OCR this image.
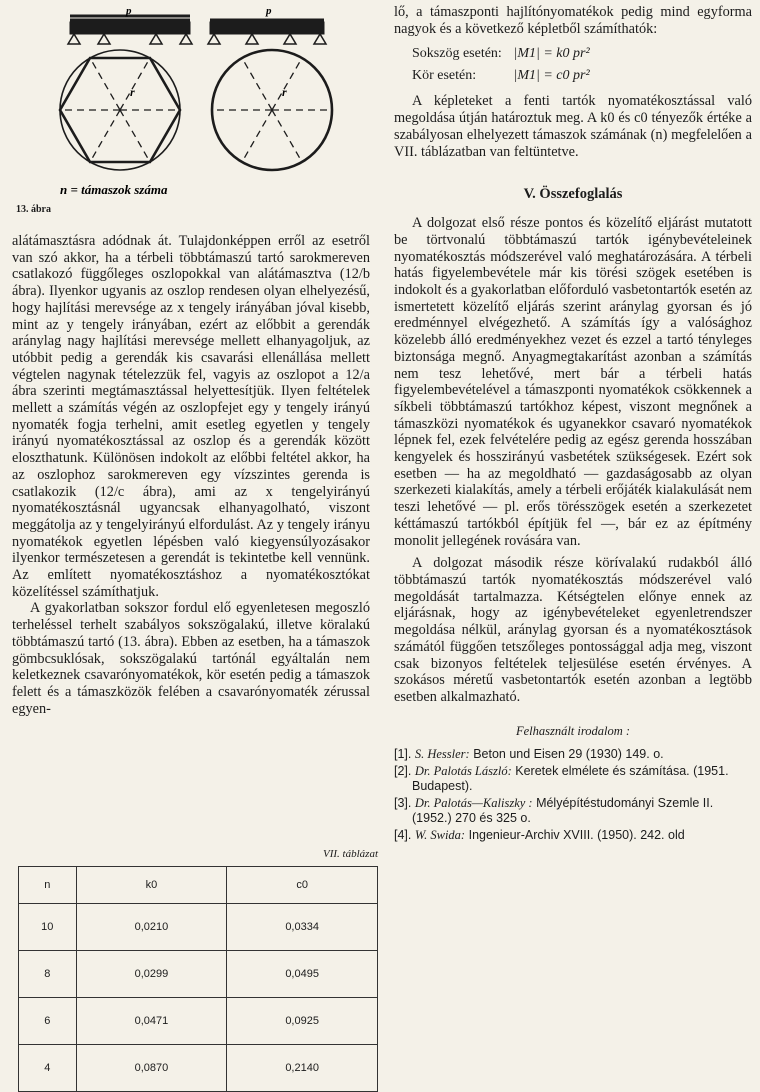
p	p
r	r
n = támaszok száma
13. ábra

alátámasztásra adódnak át. Tulajdonképpen erről az esetről van szó akkor, ha a térbeli többtámaszú tartó sarokmereven csatlakozó függőleges oszlopokkal van alátámasztva (12/b ábra). Ilyenkor ugyanis az oszlop rendesen olyan elhelyezésű, hogy hajlítási merevsége az x tengely irányában jóval kisebb, mint az y tengely irányában, ezért az előbbit a gerendák aránylag nagy hajlítási merevsége mellett elhanyagoljuk, az utóbbit pedig a gerendák kis csavarási ellenállása mellett végtelen nagynak tételezzük fel, vagyis az oszlopot a 12/a ábra szerinti megtámasztással helyettesítjük. Ilyen feltételek mellett a számítás végén az oszlopfejet egy y tengely irányú nyomaték fogja terhelni, amit esetleg egyetlen y tengely irányú nyomatékosztással az oszlop és a gerendák között eloszthatunk. Különösen indokolt az előbbi feltétel akkor, ha az oszlophoz sarokmereven egy vízszintes gerenda is csatlakozik (12/c ábra), ami az x tengelyirányú nyomatékosztásnál ugyancsak elhanyagolható, viszont meggátolja az y tengelyirányú elfordulást. Az y tengely irányu nyomatékok egyetlen lépésben való kiegyensúlyozásakor ilyenkor természetesen a gerendát is tekintetbe kell vennünk. Az említett nyomatékosztáshoz a nyomatékosztókat közelítéssel számíthatjuk.

A gyakorlatban sokszor fordul elő egyenletesen megoszló terheléssel terhelt szabályos sokszögalakú, illetve köralakú többtámaszú tartó (13. ábra). Ebben az esetben, ha a támaszok gömbcsuklósak, sokszögalakú tartónál egyáltalán nem keletkeznek csavarónyomatékok, kör esetén pedig a támaszok felett és a támaszközök felében a csavarónyomaték zérussal egyen-

VII. táblázat
n	k0	c0
10	0,0210	0,0334
8	0,0299	0,0495
6	0,0471	0,0925
4	0,0870	0,2140

lő, a támaszponti hajlítónyomatékok pedig mind egyforma nagyok és a következő képletből számíthatók:

Sokszög esetén: |M1| = k0 pr²
Kör esetén:	|M1| = c0 pr²

A képleteket a fenti tartók nyomatékosztással való megoldása útján határoztuk meg. A k0 és c0 tényezők értéke a szabályosan elhelyezett támaszok számának (n) megfelelően a VII. táblázatban van feltüntetve.

V. Összefoglalás

A dolgozat első része pontos és közelítő eljárást mutatott be törtvonalú többtámaszú tartók igénybevételeinek nyomatékosztás módszerével való meghatározására. A térbeli hatás figyelembevétele már kis törési szögek esetében is indokolt és a gyakorlatban előforduló vasbetontartók esetén az ismertetett közelítő eljárás szerint aránylag gyorsan és jó eredménnyel elvégezhető. A számítás így a valósághoz közelebb álló eredményekhez vezet és ezzel a tartó tényleges biztonsága megnő. Anyagmegtakarítást azonban a számítás nem tesz lehetővé, mert bár a térbeli hatás figyelembevételével a támaszponti nyomatékok csökkennek a síkbeli többtámaszú tartókhoz képest, viszont megnőnek a támaszközi nyomatékok és ugyanekkor csavaró nyomatékok lépnek fel, ezek felvételére pedig az egész gerenda hosszában kengyelek és hosszirányú vasbetétek szükségesek. Ezért sok esetben — ha az megoldható — gazdaságosabb az olyan szerkezeti kialakítás, amely a térbeli erőjáték kialakulását nem teszi lehetővé — pl. erős törésszögek esetén a szerkezetet kéttámaszú tartókból építjük fel —, bár ez az építmény monolit jellegének rovására van.

A dolgozat második része körívalakú rudakból álló többtámaszú tartók nyomatékosztás módszerével való megoldását tartalmazza. Kétségtelen előnye ennek az eljárásnak, hogy az igénybevételeket egyenletrendszer megoldása nélkül, aránylag gyorsan és a nyomatékosztások számától függően tetszőleges pontossággal adja meg, viszont csak bizonyos feltételek teljesülése esetén érvényes. A szokásos méretű vasbetontartók esetén azonban a legtöbb esetben alkalmazható.

Felhasznált irodalom :

[1]. S. Hessler: Beton und Eisen 29 (1930) 149. o.

[2]. Dr. Palotás László: Keretek elmélete és számítása. (1951. Budapest).

[3]. Dr. Palotás—Kaliszky : Mélyépítéstudományi Szemle II. (1952.) 270 és 325 o.

[4]. W. Swida: Ingenieur-Archiv XVIII. (1950). 242. old
